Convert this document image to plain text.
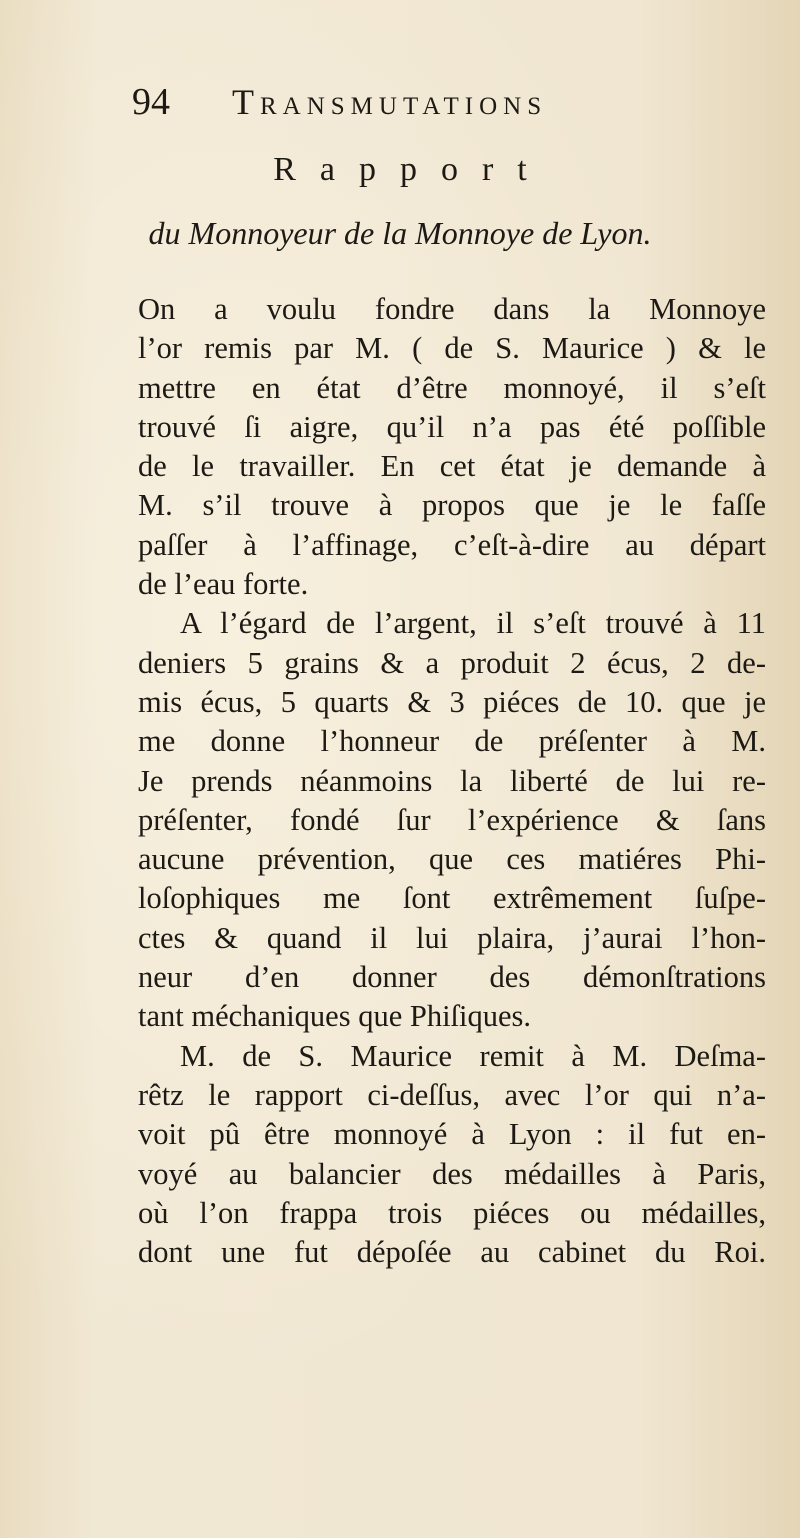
94 Transmutations
Rapport
du Monnoyeur de la Monnoye de Lyon.
On a voulu fondre dans la Monnoye
l’or remis par M. ( de S. Maurice ) & le
mettre en état d’être monnoyé, il s’eſt
trouvé ſi aigre, qu’il n’a pas été poſſible
de le travailler. En cet état je demande à
M. s’il trouve à propos que je le faſſe
paſſer à l’affinage, c’eſt-à-dire au départ
de l’eau forte.
A l’égard de l’argent, il s’eſt trouvé à 11
deniers 5 grains & a produit 2 écus, 2 de-
mis écus, 5 quarts & 3 piéces de 10. que je
me donne l’honneur de préſenter à M.
Je prends néanmoins la liberté de lui re-
préſenter, fondé ſur l’expérience & ſans
aucune prévention, que ces matiéres Phi-
loſophiques me ſont extrêmement ſuſpe-
ctes & quand il lui plaira, j’aurai l’hon-
neur d’en donner des démonſtrations
tant méchaniques que Phiſiques.
M. de S. Maurice remit à M. Deſma-
rêtz le rapport ci-deſſus, avec l’or qui n’a-
voit pû être monnoyé à Lyon : il fut en-
voyé au balancier des médailles à Paris,
où l’on frappa trois piéces ou médailles,
dont une fut dépoſée au cabinet du Roi.
